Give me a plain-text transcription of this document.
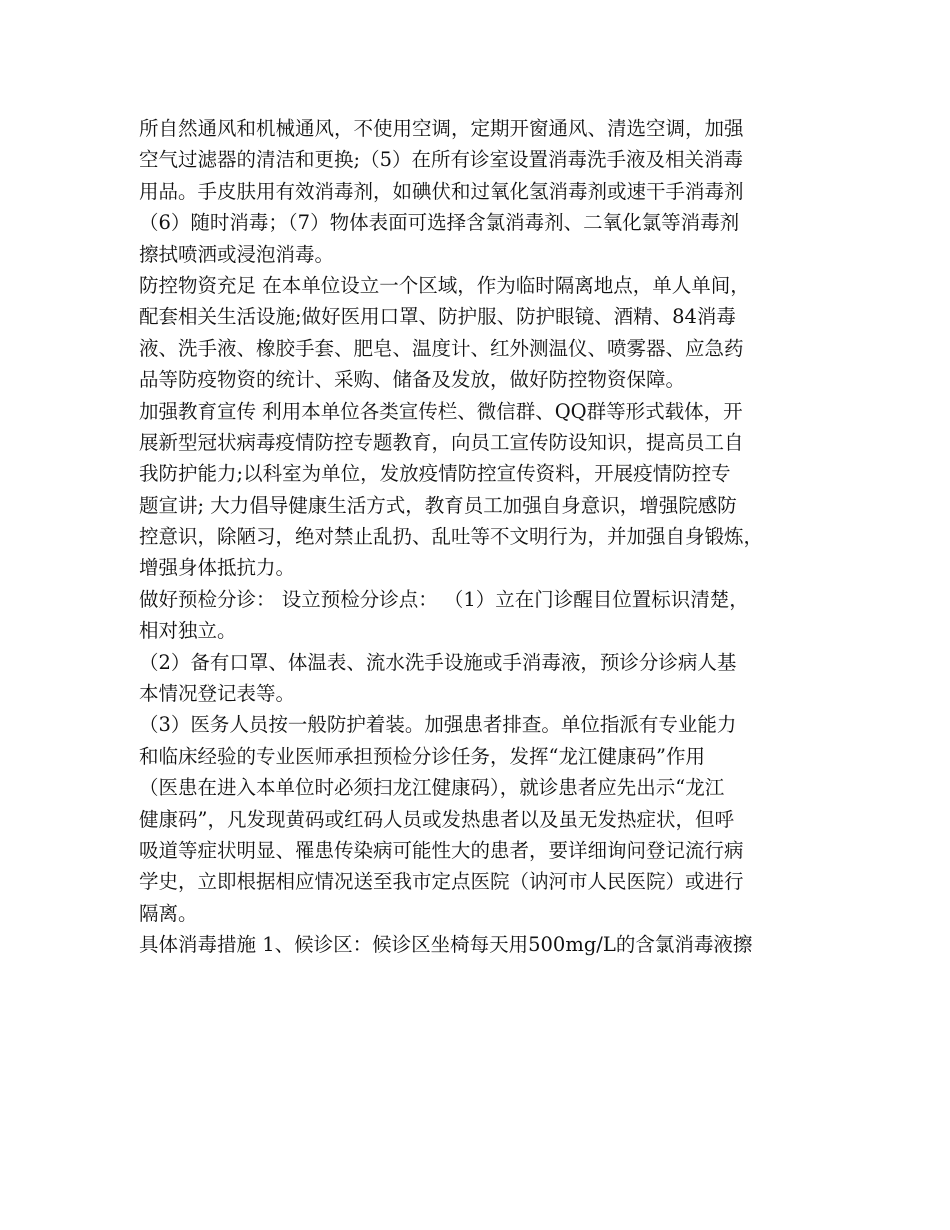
所自然通风和机械通风，不使用空调，定期开窗通风、清选空调，加强
空气过滤器的清洁和更换;（5）在所有诊室设置消毒洗手液及相关消毒
用品。手皮肤用有效消毒剂，如碘伏和过氧化氢消毒剂或速干手消毒剂
（6）随时消毒；（7）物体表面可选择含氯消毒剂、二氧化氯等消毒剂
擦拭喷洒或浸泡消毒。
防控物资充足 在本单位设立一个区域，作为临时隔离地点，单人单间，
配套相关生活设施;做好医用口罩、防护服、防护眼镜、酒精、84消毒
液、洗手液、橡胶手套、肥皂、温度计、红外测温仪、喷雾器、应急药
品等防疫物资的统计、采购、储备及发放，做好防控物资保障。
加强教育宣传 利用本单位各类宣传栏、微信群、QQ群等形式载体，开
展新型冠状病毒疫情防控专题教育，向员工宣传防设知识，提高员工自
我防护能力;以科室为单位，发放疫情防控宣传资料，开展疫情防控专
题宣讲; 大力倡导健康生活方式，教育员工加强自身意识，增强院感防
控意识，除陋习，绝对禁止乱扔、乱吐等不文明行为，并加强自身锻炼，
增强身体抵抗力。
做好预检分诊： 设立预检分诊点： （1）立在门诊醒目位置标识清楚，
相对独立。
（2）备有口罩、体温表、流水洗手设施或手消毒液，预诊分诊病人基
本情况登记表等。
（3）医务人员按一般防护着装。加强患者排查。单位指派有专业能力
和临床经验的专业医师承担预检分诊任务，发挥“龙江健康码”作用
（医患在进入本单位时必须扫龙江健康码），就诊患者应先出示“龙江
健康码”，凡发现黄码或红码人员或发热患者以及虽无发热症状，但呼
吸道等症状明显、罹患传染病可能性大的患者，要详细询问登记流行病
学史，立即根据相应情况送至我市定点医院（讷河市人民医院）或进行
隔离。
具体消毒措施 1、候诊区：候诊区坐椅每天用500mg/L的含氯消毒液擦
